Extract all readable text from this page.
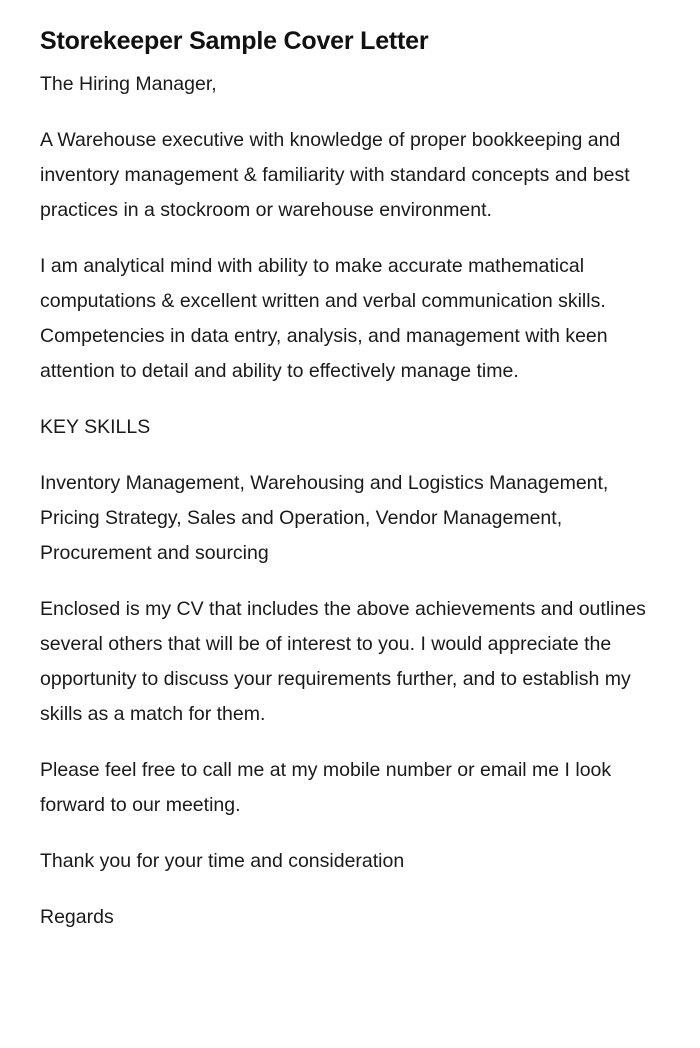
Storekeeper Sample Cover Letter

The Hiring Manager,

A Warehouse executive with knowledge of proper bookkeeping and inventory management & familiarity with standard concepts and best practices in a stockroom or warehouse environment.

I am analytical mind with ability to make accurate mathematical computations & excellent written and verbal communication skills. Competencies in data entry, analysis, and management with keen attention to detail and ability to effectively manage time.

KEY SKILLS

Inventory Management, Warehousing and Logistics Management, Pricing Strategy, Sales and Operation, Vendor Management, Procurement and sourcing

Enclosed is my CV that includes the above achievements and outlines several others that will be of interest to you. I would appreciate the opportunity to discuss your requirements further, and to establish my skills as a match for them.

Please feel free to call me at my mobile number or email me I look forward to our meeting.

Thank you for your time and consideration

Regards
